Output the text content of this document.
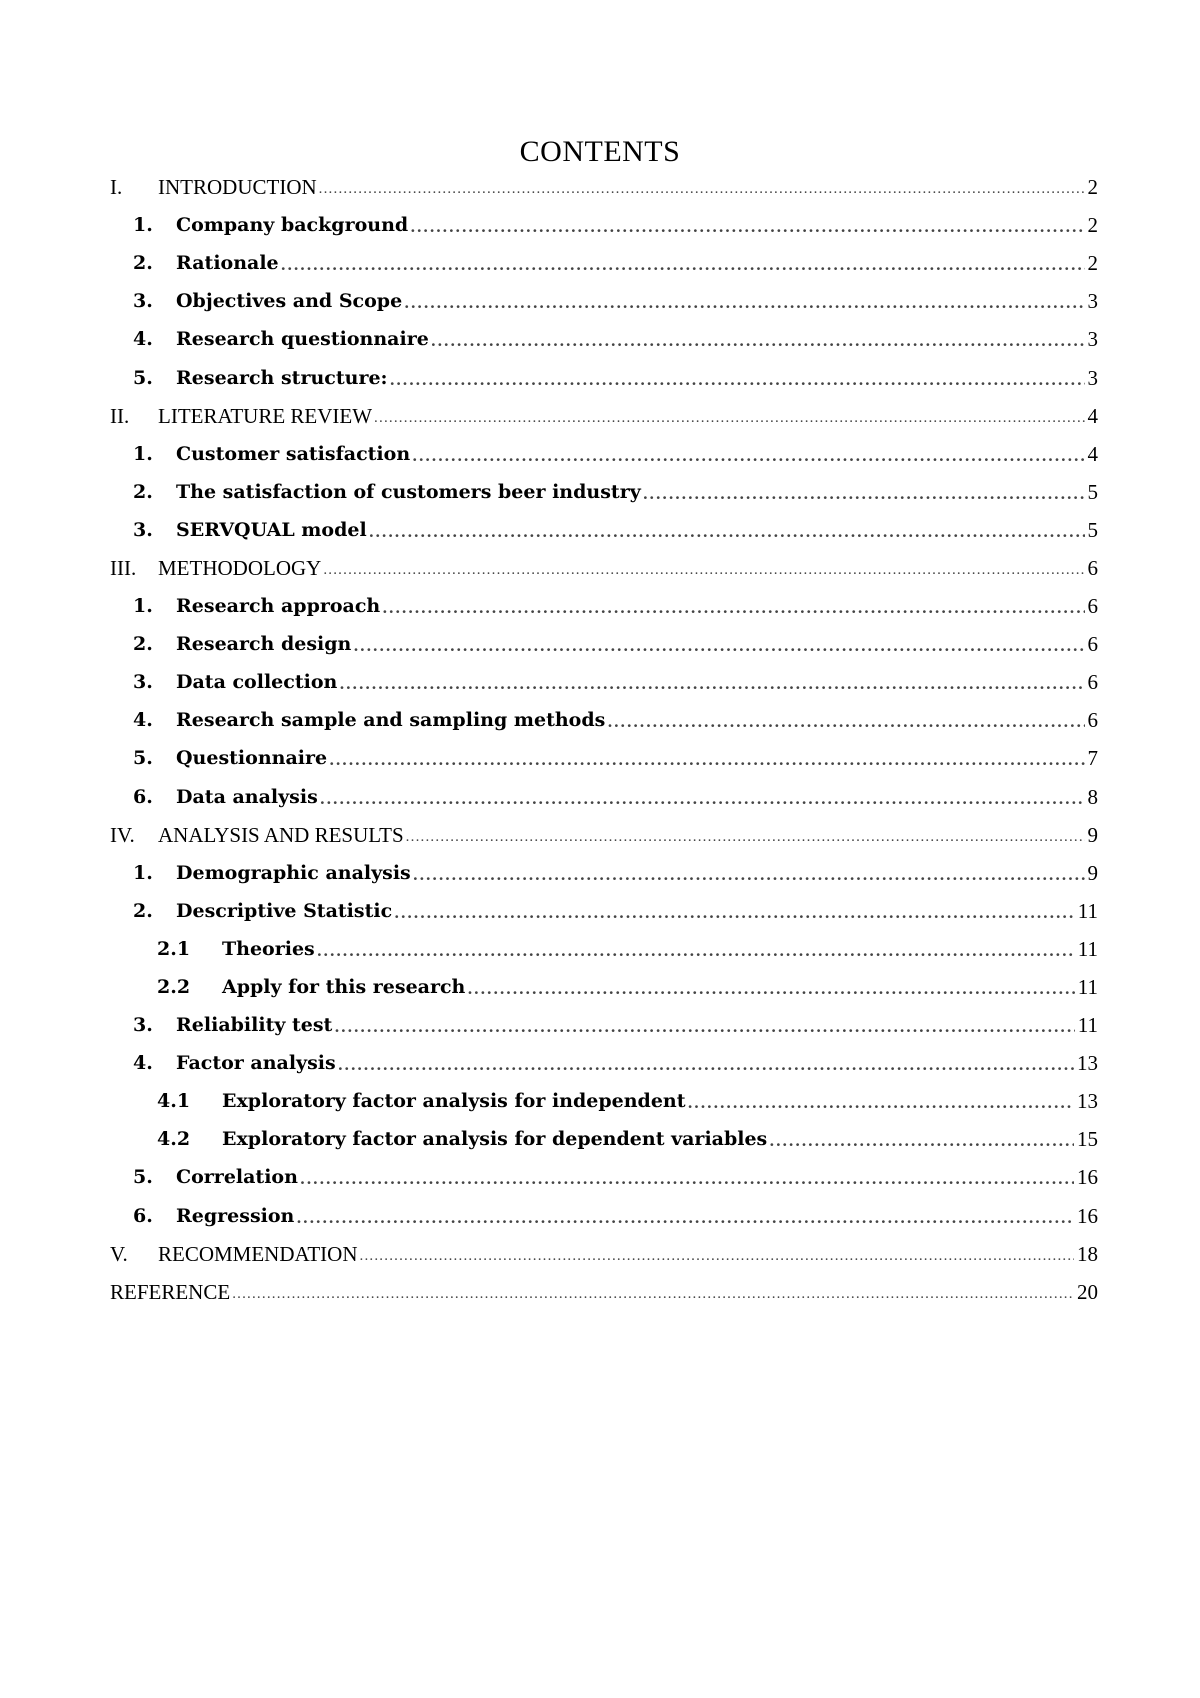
CONTENTS
I.	INTRODUCTION .....	2
1.	Company background .....	2
2.	Rationale .....	2
3.	Objectives and Scope .....	3
4.	Research questionnaire .....	3
5.	Research structure: .....	3
II.	LITERATURE REVIEW .....	4
1.	Customer satisfaction .....	4
2.	The satisfaction of customers beer industry .....	5
3.	SERVQUAL model .....	5
III.	METHODOLOGY .....	6
1.	Research approach .....	6
2.	Research design .....	6
3.	Data collection .....	6
4.	Research sample and sampling methods .....	6
5.	Questionnaire .....	7
6.	Data analysis .....	8
IV.	ANALYSIS AND RESULTS .....	9
1.	Demographic analysis .....	9
2.	Descriptive Statistic .....	11
2.1	Theories .....	11
2.2	Apply for this research .....	11
3.	Reliability test .....	11
4.	Factor analysis .....	13
4.1	Exploratory factor analysis for independent .....	13
4.2	Exploratory factor analysis for dependent variables .....	15
5.	Correlation .....	16
6.	Regression .....	16
V.	RECOMMENDATION .....	18
REFERENCE .....	20
